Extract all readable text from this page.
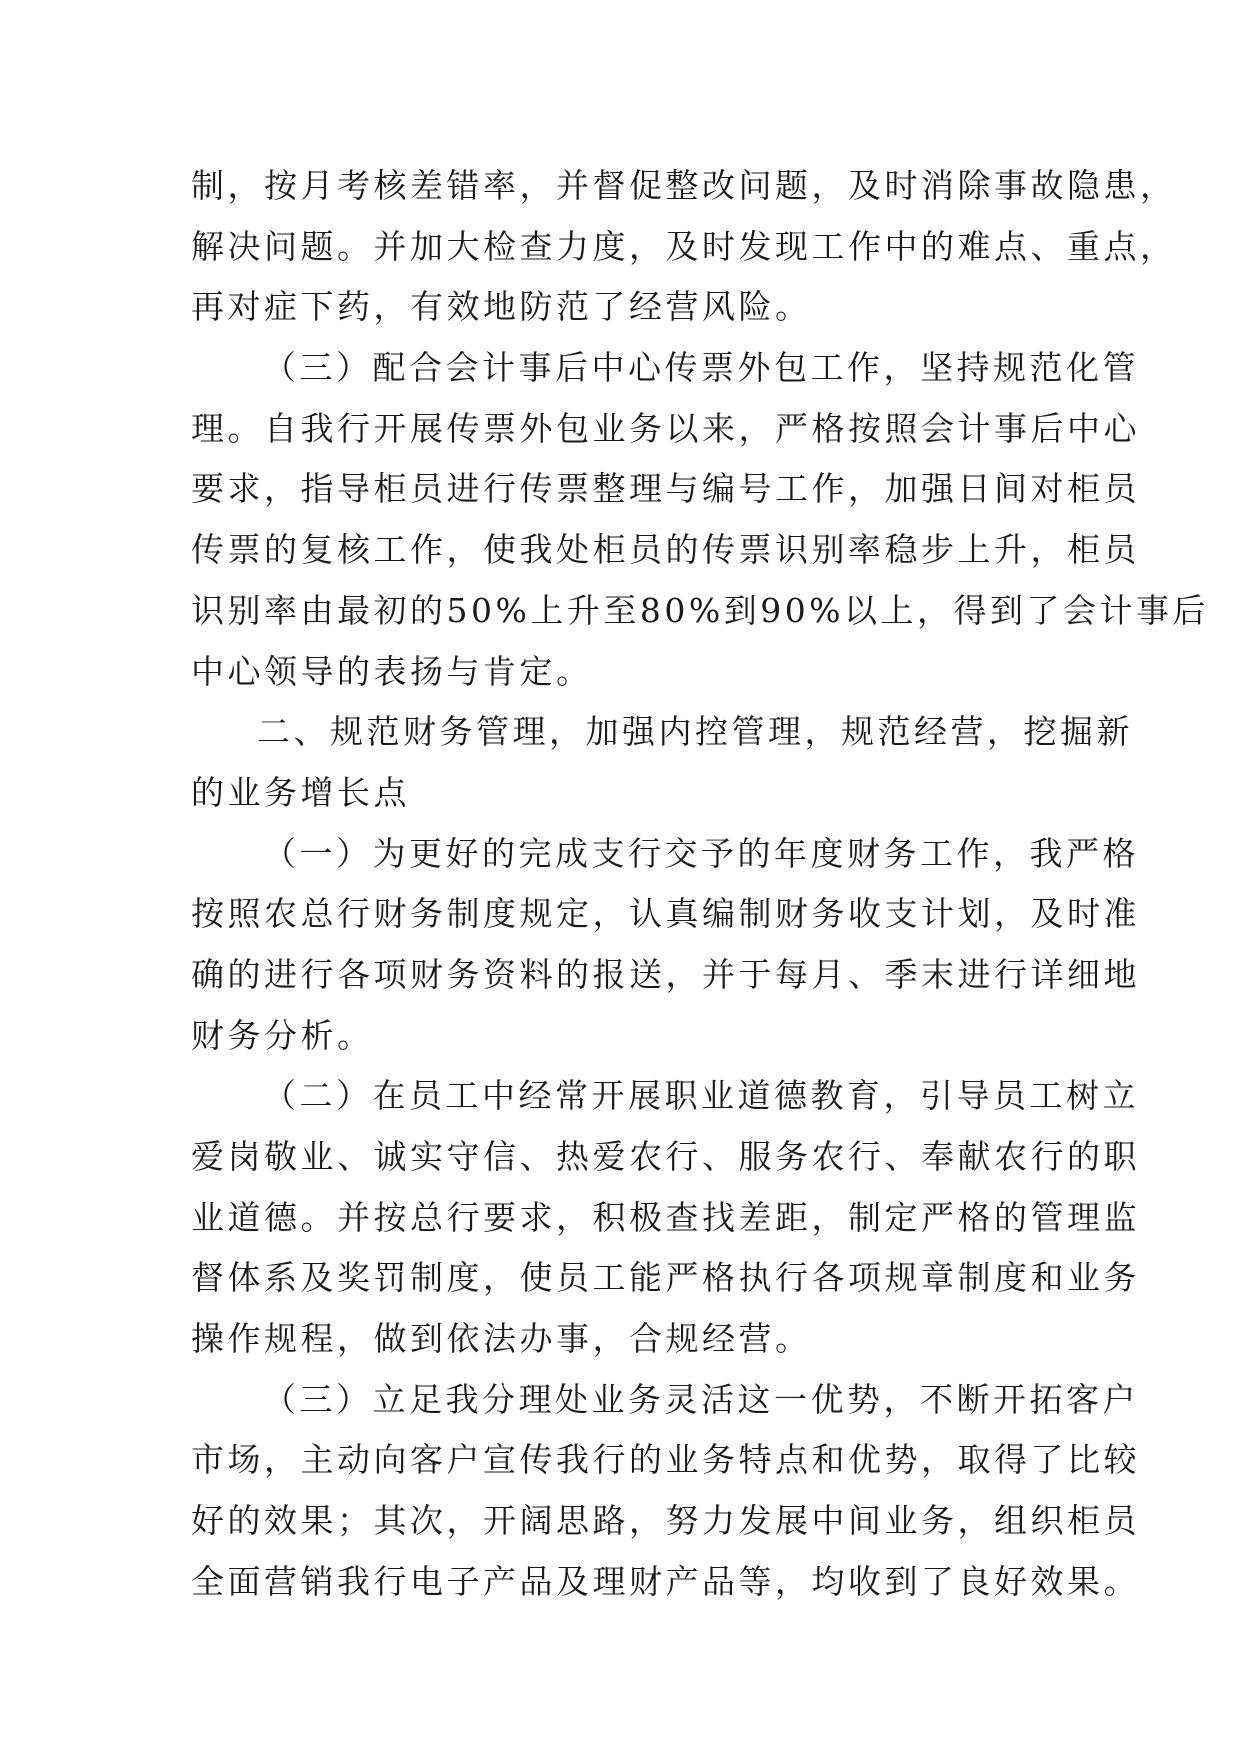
制，按月考核差错率，并督促整改问题，及时消除事故隐患，
解决问题。并加大检查力度，及时发现工作中的难点、重点，
再对症下药，有效地防范了经营风险。
（三）配合会计事后中心传票外包工作，坚持规范化管
理。自我行开展传票外包业务以来，严格按照会计事后中心
要求，指导柜员进行传票整理与编号工作，加强日间对柜员
传票的复核工作，使我处柜员的传票识别率稳步上升，柜员
识别率由最初的50%上升至80%到90%以上，得到了会计事后
中心领导的表扬与肯定。
二、规范财务管理，加强内控管理，规范经营，挖掘新
的业务增长点
（一）为更好的完成支行交予的年度财务工作，我严格
按照农总行财务制度规定，认真编制财务收支计划，及时准
确的进行各项财务资料的报送，并于每月、季末进行详细地
财务分析。
（二）在员工中经常开展职业道德教育，引导员工树立
爱岗敬业、诚实守信、热爱农行、服务农行、奉献农行的职
业道德。并按总行要求，积极查找差距，制定严格的管理监
督体系及奖罚制度，使员工能严格执行各项规章制度和业务
操作规程，做到依法办事，合规经营。
（三）立足我分理处业务灵活这一优势，不断开拓客户
市场，主动向客户宣传我行的业务特点和优势，取得了比较
好的效果；其次，开阔思路，努力发展中间业务，组织柜员
全面营销我行电子产品及理财产品等，均收到了良好效果。
